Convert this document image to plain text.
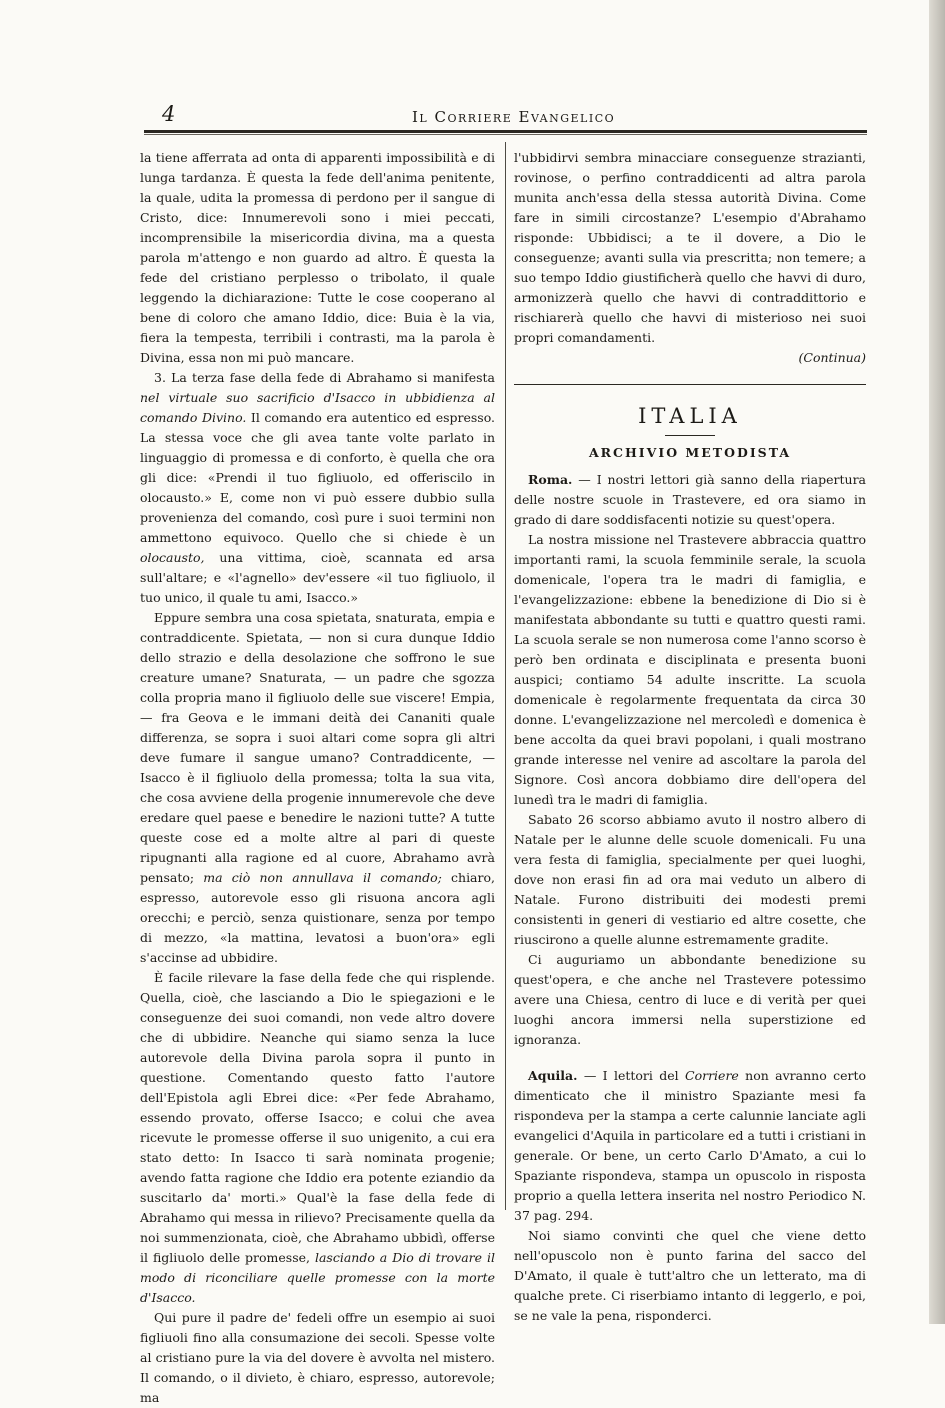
4	Il Corriere Evangelico

la tiene afferrata ad onta di apparenti impossibilità e di lunga tardanza. È questa la fede dell'anima penitente, la quale, udita la promessa di perdono per il sangue di Cristo, dice: Innumerevoli sono i miei peccati, incomprensibile la misericordia divina, ma a questa parola m'attengo e non guardo ad altro. È questa la fede del cristiano perplesso o tribolato, il quale leggendo la dichiarazione: Tutte le cose cooperano al bene di coloro che amano Iddio, dice: Buia è la via, fiera la tempesta, terribili i contrasti, ma la parola è Divina, essa non mi può mancare.

3. La terza fase della fede di Abrahamo si manifesta nel virtuale suo sacrificio d'Isacco in ubbidienza al comando Divino. Il comando era autentico ed espresso. La stessa voce che gli avea tante volte parlato in linguaggio di promessa e di conforto, è quella che ora gli dice: «Prendi il tuo figliuolo, ed offeriscilo in olocausto.» E, come non vi può essere dubbio sulla provenienza del comando, così pure i suoi termini non ammettono equivoco. Quello che si chiede è un olocausto, una vittima, cioè, scannata ed arsa sull'altare; e «l'agnello» dev'essere «il tuo figliuolo, il tuo unico, il quale tu ami, Isacco.»

Eppure sembra una cosa spietata, snaturata, empia e contraddicente. Spietata, — non si cura dunque Iddio dello strazio e della desolazione che soffrono le sue creature umane? Snaturata, — un padre che sgozza colla propria mano il figliuolo delle sue viscere! Empia, — fra Geova e le immani deità dei Cananiti quale differenza, se sopra i suoi altari come sopra gli altri deve fumare il sangue umano? Contraddicente, — Isacco è il figliuolo della promessa; tolta la sua vita, che cosa avviene della progenie innumerevole che deve eredare quel paese e benedire le nazioni tutte? A tutte queste cose ed a molte altre al pari di queste ripugnanti alla ragione ed al cuore, Abrahamo avrà pensato; ma ciò non annullava il comando; chiaro, espresso, autorevole esso gli risuona ancora agli orecchi; e perciò, senza quistionare, senza por tempo di mezzo, «la mattina, levatosi a buon'ora» egli s'accinse ad ubbidire.

È facile rilevare la fase della fede che qui risplende. Quella, cioè, che lasciando a Dio le spiegazioni e le conseguenze dei suoi comandi, non vede altro dovere che di ubbidire. Neanche qui siamo senza la luce autorevole della Divina parola sopra il punto in questione. Comentando questo fatto l'autore dell'Epistola agli Ebrei dice: «Per fede Abrahamo, essendo provato, offerse Isacco; e colui che avea ricevute le promesse offerse il suo unigenito, a cui era stato detto: In Isacco ti sarà nominata progenie; avendo fatta ragione che Iddio era potente eziandio da suscitarlo da' morti.» Qual'è la fase della fede di Abrahamo qui messa in rilievo? Precisamente quella da noi summenzionata, cioè, che Abrahamo ubbidì, offerse il figliuolo delle promesse, lasciando a Dio di trovare il modo di riconciliare quelle promesse con la morte d'Isacco.

Qui pure il padre de' fedeli offre un esempio ai suoi figliuoli fino alla consumazione dei secoli. Spesse volte al cristiano pure la via del dovere è avvolta nel mistero. Il comando, o il divieto, è chiaro, espresso, autorevole; ma

l'ubbidirvi sembra minacciare conseguenze strazianti, rovinose, o perfino contraddicenti ad altra parola munita anch'essa della stessa autorità Divina. Come fare in simili circostanze? L'esempio d'Abrahamo risponde: Ubbidisci; a te il dovere, a Dio le conseguenze; avanti sulla via prescritta; non temere; a suo tempo Iddio giustificherà quello che havvi di duro, armonizzerà quello che havvi di contraddittorio e rischiarerà quello che havvi di misterioso nei suoi propri comandamenti.

(Continua)

ITALIA
ARCHIVIO METODISTA

Roma. — I nostri lettori già sanno della riapertura delle nostre scuole in Trastevere, ed ora siamo in grado di dare soddisfacenti notizie su quest'opera.

La nostra missione nel Trastevere abbraccia quattro importanti rami, la scuola femminile serale, la scuola domenicale, l'opera tra le madri di famiglia, e l'evangelizzazione: ebbene la benedizione di Dio si è manifestata abbondante su tutti e quattro questi rami. La scuola serale se non numerosa come l'anno scorso è però ben ordinata e disciplinata e presenta buoni auspici; contiamo 54 adulte inscritte. La scuola domenicale è regolarmente frequentata da circa 30 donne. L'evangelizzazione nel mercoledì e domenica è bene accolta da quei bravi popolani, i quali mostrano grande interesse nel venire ad ascoltare la parola del Signore. Così ancora dobbiamo dire dell'opera del lunedì tra le madri di famiglia.

Sabato 26 scorso abbiamo avuto il nostro albero di Natale per le alunne delle scuole domenicali. Fu una vera festa di famiglia, specialmente per quei luoghi, dove non erasi fin ad ora mai veduto un albero di Natale. Furono distribuiti dei modesti premi consistenti in generi di vestiario ed altre cosette, che riuscirono a quelle alunne estremamente gradite.

Ci auguriamo un abbondante benedizione su quest'opera, e che anche nel Trastevere potessimo avere una Chiesa, centro di luce e di verità per quei luoghi ancora immersi nella superstizione ed ignoranza.

Aquila. — I lettori del Corriere non avranno certo dimenticato che il ministro Spaziante mesi fa rispondeva per la stampa a certe calunnie lanciate agli evangelici d'Aquila in particolare ed a tutti i cristiani in generale. Or bene, un certo Carlo D'Amato, a cui lo Spaziante rispondeva, stampa un opuscolo in risposta proprio a quella lettera inserita nel nostro Periodico N. 37 pag. 294.

Noi siamo convinti che quel che viene detto nell'opuscolo non è punto farina del sacco del D'Amato, il quale è tutt'altro che un letterato, ma di qualche prete. Ci riserbiamo intanto di leggerlo, e poi, se ne vale la pena, risponderci.
